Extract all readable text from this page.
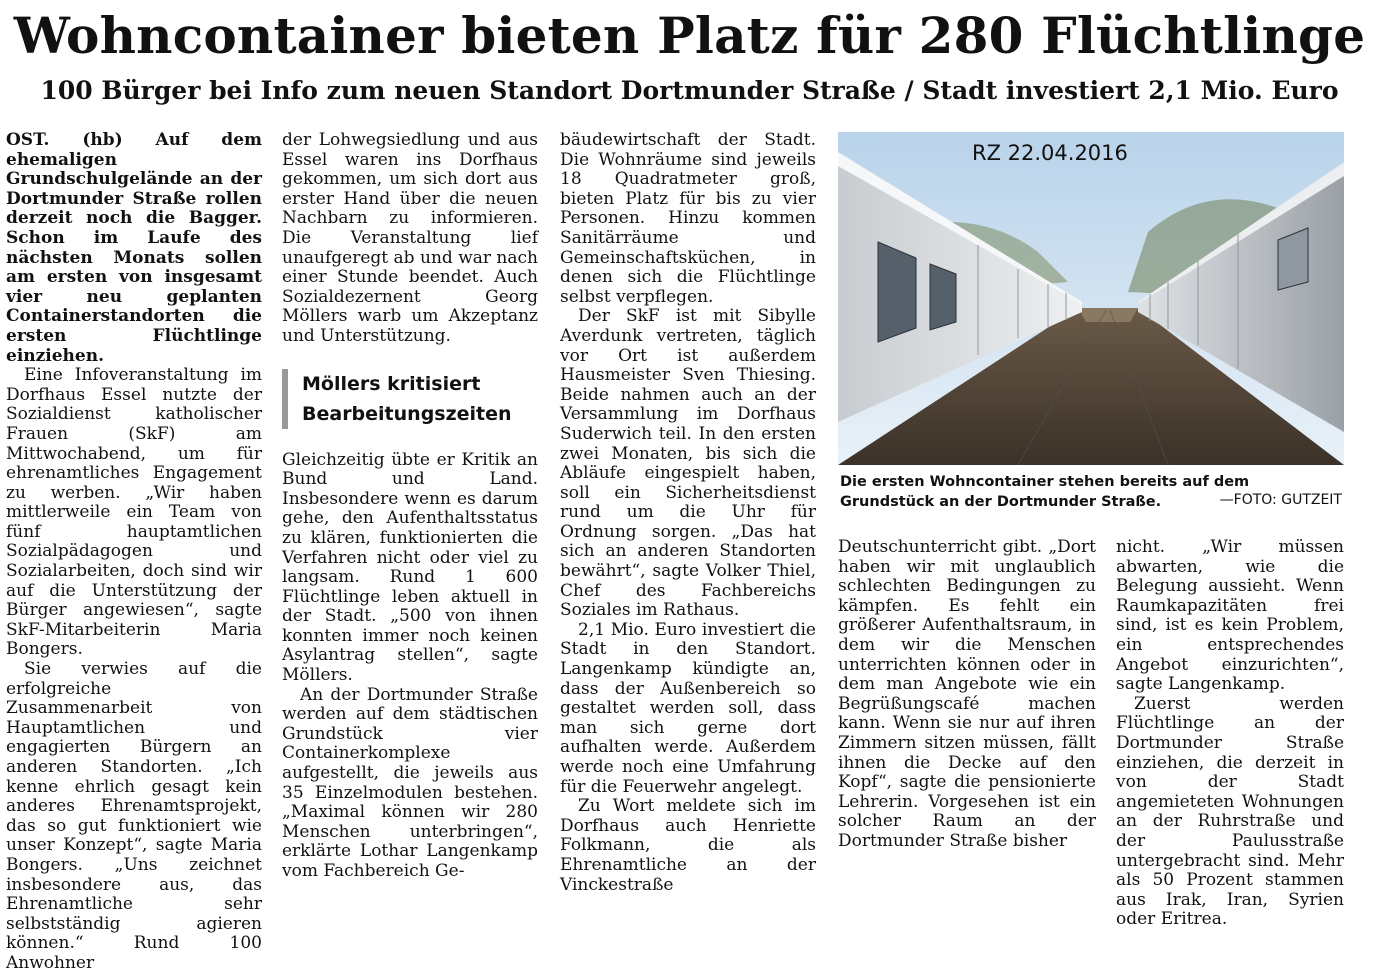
Wohncontainer bieten Platz für 280 Flüchtlinge
100 Bürger bei Info zum neuen Standort Dortmunder Straße / Stadt investiert 2,1 Mio. Euro

OST. (hb) Auf dem ehemaligen Grundschulgelände an der Dortmunder Straße rollen derzeit noch die Bagger. Schon im Laufe des nächsten Monats sollen am ersten von insgesamt vier neu geplanten Containerstandorten die ersten Flüchtlinge einziehen.

Eine Infoveranstaltung im Dorfhaus Essel nutzte der Sozialdienst katholischer Frauen (SkF) am Mittwochabend, um für ehrenamtliches Engagement zu werben. „Wir haben mittlerweile ein Team von fünf hauptamtlichen Sozialpädagogen und Sozialarbeiten, doch sind wir auf die Unterstützung der Bürger angewiesen“, sagte SkF-Mitarbeiterin Maria Bongers.

Sie verwies auf die erfolgreiche Zusammenarbeit von Hauptamtlichen und engagierten Bürgern an anderen Standorten. „Ich kenne ehrlich gesagt kein anderes Ehrenamtsprojekt, das so gut funktioniert wie unser Konzept“, sagte Maria Bongers. „Uns zeichnet insbesondere aus, das Ehrenamtliche sehr selbstständig agieren können.“ Rund 100 Anwohner

der Lohwegsiedlung und aus Essel waren ins Dorfhaus gekommen, um sich dort aus erster Hand über die neuen Nachbarn zu informieren. Die Veranstaltung lief unaufgeregt ab und war nach einer Stunde beendet. Auch Sozialdezernent Georg Möllers warb um Akzeptanz und Unterstützung.

Möllers kritisiert
Bearbeitungszeiten

Gleichzeitig übte er Kritik an Bund und Land. Insbesondere wenn es darum gehe, den Aufenthaltsstatus zu klären, funktionierten die Verfahren nicht oder viel zu langsam. Rund 1 600 Flüchtlinge leben aktuell in der Stadt. „500 von ihnen konnten immer noch keinen Asylantrag stellen“, sagte Möllers.

An der Dortmunder Straße werden auf dem städtischen Grundstück vier Containerkomplexe aufgestellt, die jeweils aus 35 Einzelmodulen bestehen. „Maximal können wir 280 Menschen unterbringen“, erklärte Lothar Langenkamp vom Fachbereich Ge-

bäudewirtschaft der Stadt. Die Wohnräume sind jeweils 18 Quadratmeter groß, bieten Platz für bis zu vier Personen. Hinzu kommen Sanitärräume und Gemeinschaftsküchen, in denen sich die Flüchtlinge selbst verpflegen.

Der SkF ist mit Sibylle Averdunk vertreten, täglich vor Ort ist außerdem Hausmeister Sven Thiesing. Beide nahmen auch an der Versammlung im Dorfhaus Suderwich teil. In den ersten zwei Monaten, bis sich die Abläufe eingespielt haben, soll ein Sicherheitsdienst rund um die Uhr für Ordnung sorgen. „Das hat sich an anderen Standorten bewährt“, sagte Volker Thiel, Chef des Fachbereichs Soziales im Rathaus.

2,1 Mio. Euro investiert die Stadt in den Standort. Langenkamp kündigte an, dass der Außenbereich so gestaltet werden soll, dass man sich gerne dort aufhalten werde. Außerdem werde noch eine Umfahrung für die Feuerwehr angelegt.

Zu Wort meldete sich im Dorfhaus auch Henriette Folkmann, die als Ehrenamtliche an der Vinckestraße

RZ 22.04.2016
Die ersten Wohncontainer stehen bereits auf dem Grundstück an der Dortmunder Straße.	—FOTO: GUTZEIT

Deutschunterricht gibt. „Dort haben wir mit unglaublich schlechten Bedingungen zu kämpfen. Es fehlt ein größerer Aufenthaltsraum, in dem wir die Menschen unterrichten können oder in dem man Angebote wie ein Begrüßungscafé machen kann. Wenn sie nur auf ihren Zimmern sitzen müssen, fällt ihnen die Decke auf den Kopf“, sagte die pensionierte Lehrerin. Vorgesehen ist ein solcher Raum an der Dortmunder Straße bisher

nicht. „Wir müssen abwarten, wie die Belegung aussieht. Wenn Raumkapazitäten frei sind, ist es kein Problem, ein entsprechendes Angebot einzurichten“, sagte Langenkamp.

Zuerst werden Flüchtlinge an der Dortmunder Straße einziehen, die derzeit in von der Stadt angemieteten Wohnungen an der Ruhrstraße und der Paulusstraße untergebracht sind. Mehr als 50 Prozent stammen aus Irak, Iran, Syrien oder Eritrea.
